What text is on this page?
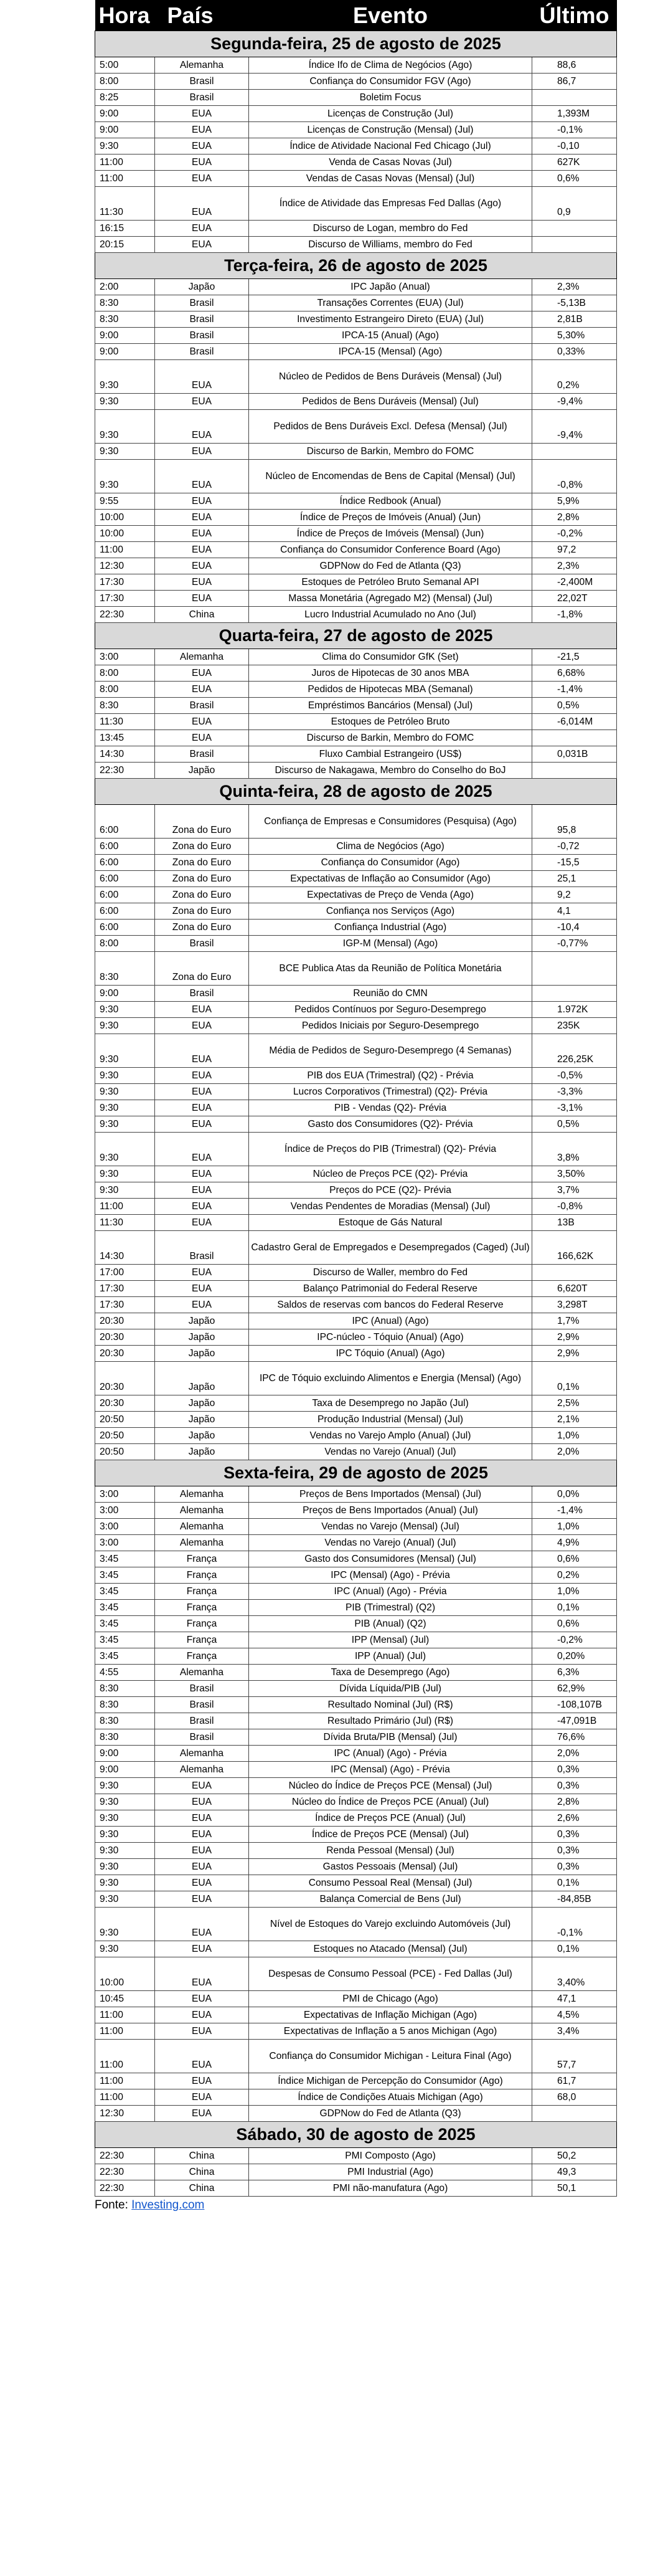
Hora	País	Evento	Último
Segunda-feira, 25 de agosto de 2025			
5:00	Alemanha	Índice Ifo de Clima de Negócios (Ago)	88,6
8:00	Brasil	Confiança do Consumidor FGV (Ago)	86,7
8:25	Brasil	Boletim Focus	
9:00	EUA	Licenças de Construção (Jul)	1,393M
9:00	EUA	Licenças de Construção (Mensal) (Jul)	-0,1%
9:30	EUA	Índice de Atividade Nacional Fed Chicago (Jul)	-0,10
11:00	EUA	Venda de Casas Novas (Jul)	627K
11:00	EUA	Vendas de Casas Novas (Mensal) (Jul)	0,6%
11:30	EUA	Índice de Atividade das Empresas Fed Dallas (Ago)	0,9
16:15	EUA	Discurso de Logan, membro do Fed	
20:15	EUA	Discurso de Williams, membro do Fed	
Terça-feira, 26 de agosto de 2025			
2:00	Japão	IPC Japão (Anual)	2,3%
8:30	Brasil	Transações Correntes (EUA) (Jul)	-5,13B
8:30	Brasil	Investimento Estrangeiro Direto (EUA) (Jul)	2,81B
9:00	Brasil	IPCA-15 (Anual) (Ago)	5,30%
9:00	Brasil	IPCA-15 (Mensal) (Ago)	0,33%
9:30	EUA	Núcleo de Pedidos de Bens Duráveis (Mensal) (Jul)	0,2%
9:30	EUA	Pedidos de Bens Duráveis (Mensal) (Jul)	-9,4%
9:30	EUA	Pedidos de Bens Duráveis Excl. Defesa (Mensal) (Jul)	-9,4%
9:30	EUA	Discurso de Barkin, Membro do FOMC	
9:30	EUA	Núcleo de Encomendas de Bens de Capital (Mensal) (Jul)	-0,8%
9:55	EUA	Índice Redbook (Anual)	5,9%
10:00	EUA	Índice de Preços de Imóveis (Anual) (Jun)	2,8%
10:00	EUA	Índice de Preços de Imóveis (Mensal) (Jun)	-0,2%
11:00	EUA	Confiança do Consumidor Conference Board (Ago)	97,2
12:30	EUA	GDPNow do Fed de Atlanta (Q3)	2,3%
17:30	EUA	Estoques de Petróleo Bruto Semanal API	-2,400M
17:30	EUA	Massa Monetária (Agregado M2) (Mensal) (Jul)	22,02T
22:30	China	Lucro Industrial Acumulado no Ano (Jul)	-1,8%
Quarta-feira, 27 de agosto de 2025			
3:00	Alemanha	Clima do Consumidor GfK (Set)	-21,5
8:00	EUA	Juros de Hipotecas de 30 anos MBA	6,68%
8:00	EUA	Pedidos de Hipotecas MBA (Semanal)	-1,4%
8:30	Brasil	Empréstimos Bancários (Mensal) (Jul)	0,5%
11:30	EUA	Estoques de Petróleo Bruto	-6,014M
13:45	EUA	Discurso de Barkin, Membro do FOMC	
14:30	Brasil	Fluxo Cambial Estrangeiro (US$)	0,031B
22:30	Japão	Discurso de Nakagawa, Membro do Conselho do BoJ	
Quinta-feira, 28 de agosto de 2025			
6:00	Zona do Euro	Confiança de Empresas e Consumidores (Pesquisa) (Ago)	95,8
6:00	Zona do Euro	Clima de Negócios (Ago)	-0,72
6:00	Zona do Euro	Confiança do Consumidor (Ago)	-15,5
6:00	Zona do Euro	Expectativas de Inflação ao Consumidor (Ago)	25,1
6:00	Zona do Euro	Expectativas de Preço de Venda (Ago)	9,2
6:00	Zona do Euro	Confiança nos Serviços (Ago)	4,1
6:00	Zona do Euro	Confiança Industrial (Ago)	-10,4
8:00	Brasil	IGP-M (Mensal) (Ago)	-0,77%
8:30	Zona do Euro	BCE Publica Atas da Reunião de Política Monetária	
9:00	Brasil	Reunião do CMN	
9:30	EUA	Pedidos Contínuos por Seguro-Desemprego	1.972K
9:30	EUA	Pedidos Iniciais por Seguro-Desemprego	235K
9:30	EUA	Média de Pedidos de Seguro-Desemprego (4 Semanas)	226,25K
9:30	EUA	PIB dos EUA (Trimestral) (Q2) - Prévia	-0,5%
9:30	EUA	Lucros Corporativos (Trimestral) (Q2)- Prévia	-3,3%
9:30	EUA	PIB - Vendas (Q2)- Prévia	-3,1%
9:30	EUA	Gasto dos Consumidores (Q2)- Prévia	0,5%
9:30	EUA	Índice de Preços do PIB (Trimestral) (Q2)- Prévia	3,8%
9:30	EUA	Núcleo de Preços PCE (Q2)- Prévia	3,50%
9:30	EUA	Preços do PCE (Q2)- Prévia	3,7%
11:00	EUA	Vendas Pendentes de Moradias (Mensal) (Jul)	-0,8%
11:30	EUA	Estoque de Gás Natural	13B
14:30	Brasil	Cadastro Geral de Empregados e Desempregados (Caged) (Jul)	166,62K
17:00	EUA	Discurso de Waller, membro do Fed	
17:30	EUA	Balanço Patrimonial do Federal Reserve	6,620T
17:30	EUA	Saldos de reservas com bancos do Federal Reserve	3,298T
20:30	Japão	IPC (Anual) (Ago)	1,7%
20:30	Japão	IPC-núcleo - Tóquio (Anual) (Ago)	2,9%
20:30	Japão	IPC Tóquio (Anual) (Ago)	2,9%
20:30	Japão	IPC de Tóquio excluindo Alimentos e Energia (Mensal) (Ago)	0,1%
20:30	Japão	Taxa de Desemprego no Japão (Jul)	2,5%
20:50	Japão	Produção Industrial (Mensal) (Jul)	2,1%
20:50	Japão	Vendas no Varejo Amplo (Anual) (Jul)	1,0%
20:50	Japão	Vendas no Varejo (Anual) (Jul)	2,0%
Sexta-feira, 29 de agosto de 2025			
3:00	Alemanha	Preços de Bens Importados (Mensal) (Jul)	0,0%
3:00	Alemanha	Preços de Bens Importados (Anual) (Jul)	-1,4%
3:00	Alemanha	Vendas no Varejo (Mensal) (Jul)	1,0%
3:00	Alemanha	Vendas no Varejo (Anual) (Jul)	4,9%
3:45	França	Gasto dos Consumidores (Mensal) (Jul)	0,6%
3:45	França	IPC (Mensal) (Ago) - Prévia	0,2%
3:45	França	IPC (Anual) (Ago) - Prévia	1,0%
3:45	França	PIB (Trimestral) (Q2)	0,1%
3:45	França	PIB (Anual) (Q2)	0,6%
3:45	França	IPP (Mensal) (Jul)	-0,2%
3:45	França	IPP (Anual) (Jul)	0,20%
4:55	Alemanha	Taxa de Desemprego (Ago)	6,3%
8:30	Brasil	Dívida Líquida/PIB (Jul)	62,9%
8:30	Brasil	Resultado Nominal (Jul) (R$)	-108,107B
8:30	Brasil	Resultado Primário (Jul) (R$)	-47,091B
8:30	Brasil	Dívida Bruta/PIB (Mensal) (Jul)	76,6%
9:00	Alemanha	IPC (Anual) (Ago) - Prévia	2,0%
9:00	Alemanha	IPC (Mensal) (Ago) - Prévia	0,3%
9:30	EUA	Núcleo do Índice de Preços PCE (Mensal) (Jul)	0,3%
9:30	EUA	Núcleo do Índice de Preços PCE (Anual) (Jul)	2,8%
9:30	EUA	Índice de Preços PCE (Anual) (Jul)	2,6%
9:30	EUA	Índice de Preços PCE (Mensal) (Jul)	0,3%
9:30	EUA	Renda Pessoal (Mensal) (Jul)	0,3%
9:30	EUA	Gastos Pessoais (Mensal) (Jul)	0,3%
9:30	EUA	Consumo Pessoal Real (Mensal) (Jul)	0,1%
9:30	EUA	Balança Comercial de Bens (Jul)	-84,85B
9:30	EUA	Nível de Estoques do Varejo excluindo Automóveis (Jul)	-0,1%
9:30	EUA	Estoques no Atacado (Mensal) (Jul)	0,1%
10:00	EUA	Despesas de Consumo Pessoal (PCE) - Fed Dallas (Jul)	3,40%
10:45	EUA	PMI de Chicago (Ago)	47,1
11:00	EUA	Expectativas de Inflação Michigan (Ago)	4,5%
11:00	EUA	Expectativas de Inflação a 5 anos Michigan (Ago)	3,4%
11:00	EUA	Confiança do Consumidor Michigan - Leitura Final (Ago)	57,7
11:00	EUA	Índice Michigan de Percepção do Consumidor (Ago)	61,7
11:00	EUA	Índice de Condições Atuais Michigan (Ago)	68,0
12:30	EUA	GDPNow do Fed de Atlanta (Q3)	
Sábado, 30 de agosto de 2025			
22:30	China	PMI Composto (Ago)	50,2
22:30	China	PMI Industrial (Ago)	49,3
22:30	China	PMI não-manufatura (Ago)	50,1
Fonte: Investing.com
